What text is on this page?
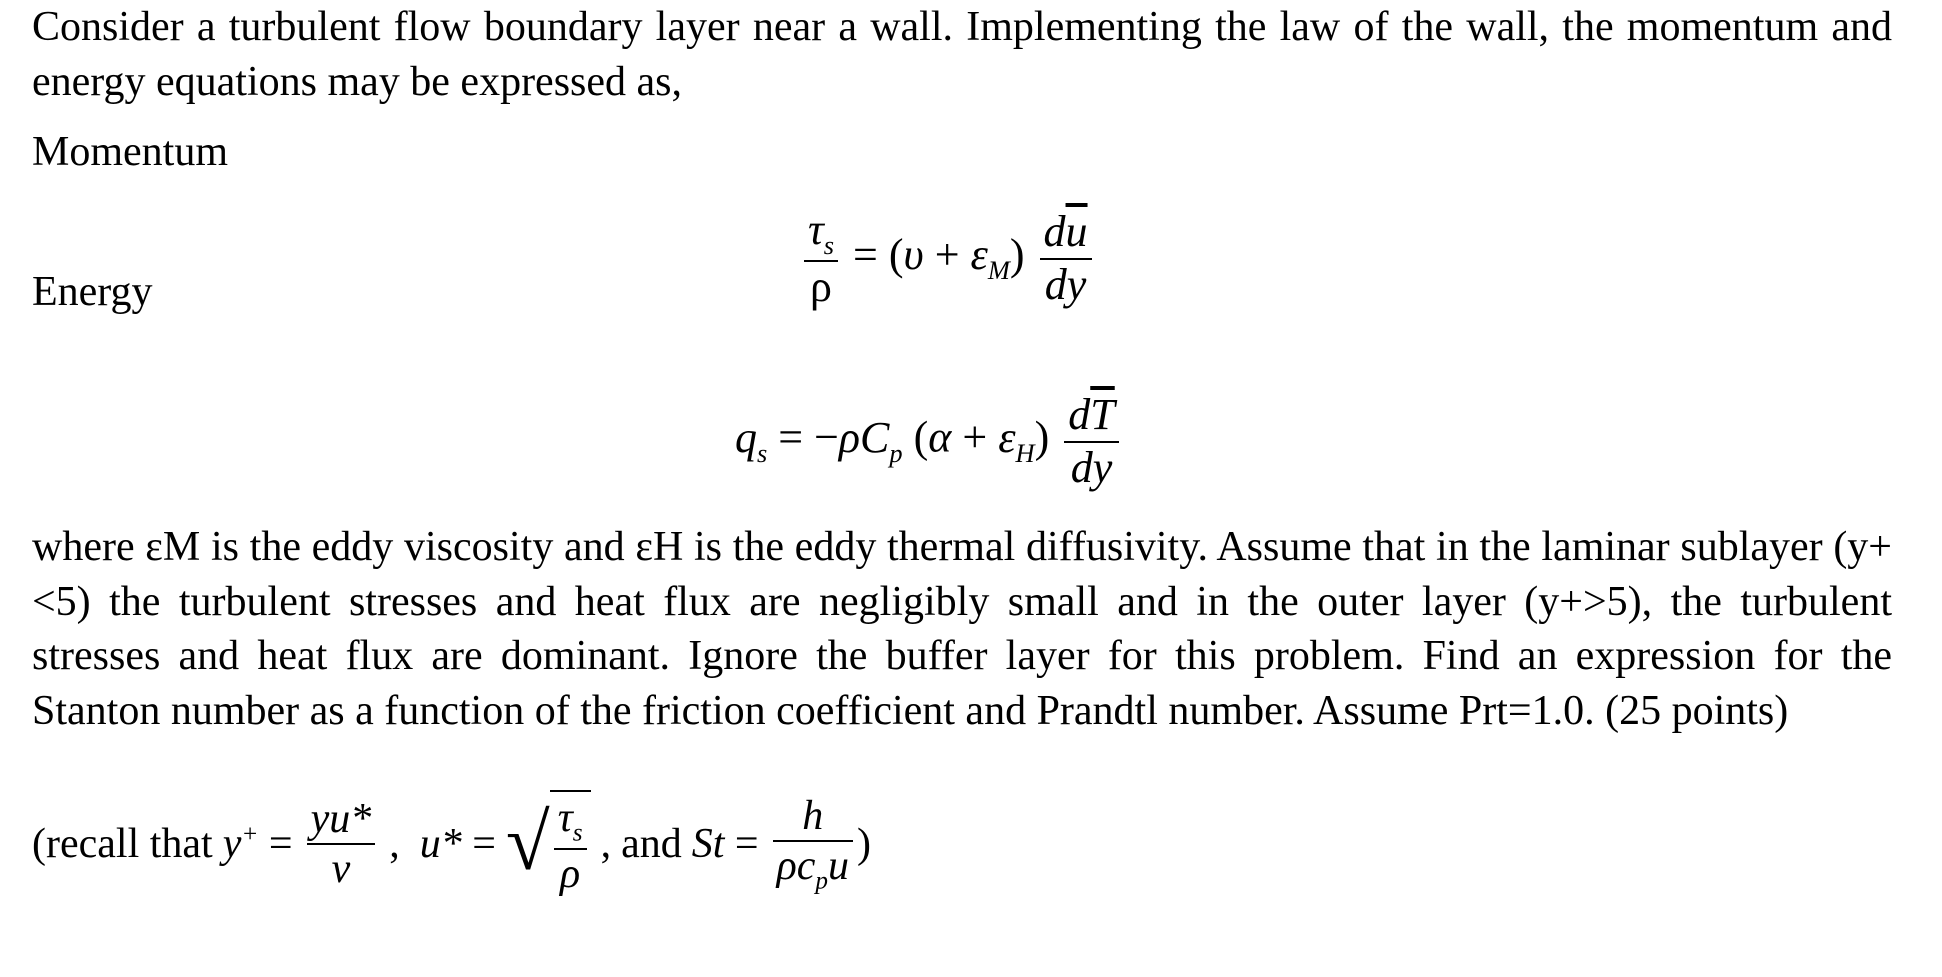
Consider a turbulent flow boundary layer near a wall. Implementing the law of the wall, the momentum and energy equations may be expressed as,

Momentum

$\frac{\tau_s}{\rho} = (\upsilon + \varepsilon_M) \frac{d\overline{u}}{dy}$

Energy

$q_s = -\rho C_p$ $(\alpha + \varepsilon_H) \frac{d\overline{T}}{dy}$

where εM is the eddy viscosity and εH is the eddy thermal diffusivity. Assume that in the laminar sublayer (y+<5) the turbulent stresses and heat flux are negligibly small and in the outer layer (y+>5), the turbulent stresses and heat flux are dominant. Ignore the buffer layer for this problem. Find an expression for the Stanton number as a function of the friction coefficient and Prandtl number. Assume Prt=1.0. (25 points)

(recall that $y^+ = \frac{yu*}{\nu}$ , u* = √ $\frac{\tau_s}{\rho}$ , and $St = \frac{h}{\rho c_pu}$ )
